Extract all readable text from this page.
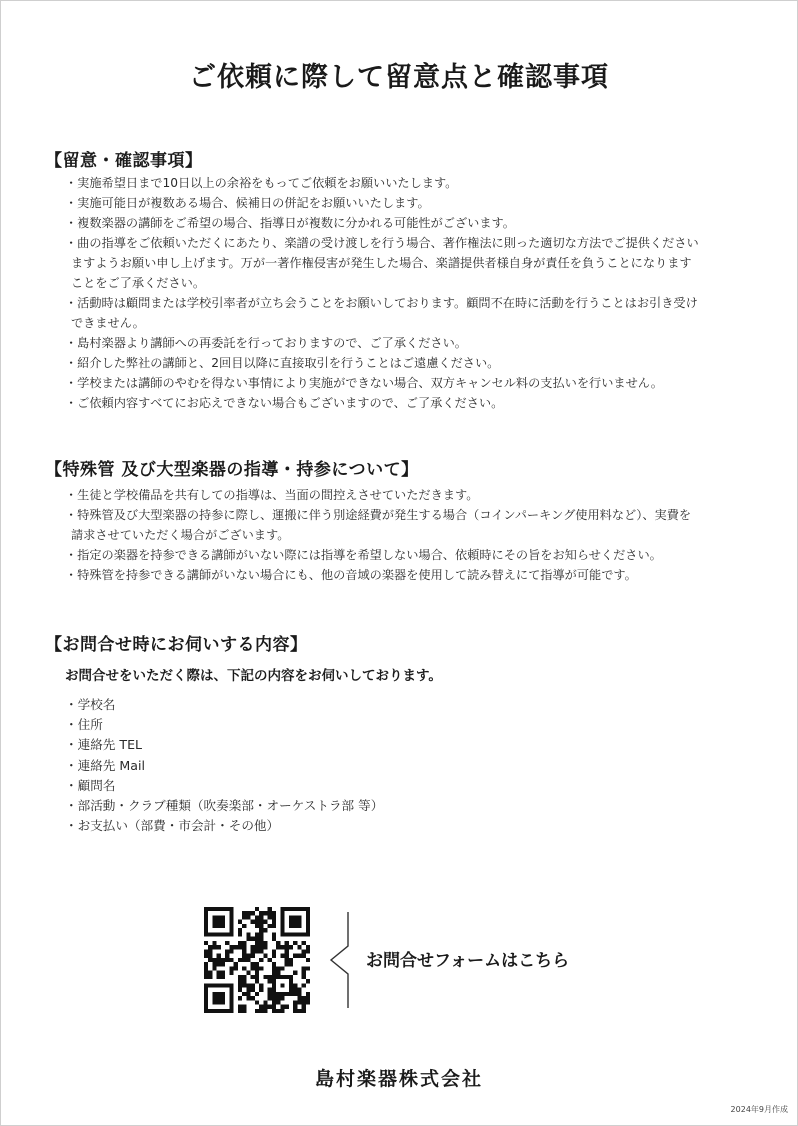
ご依頼に際して留意点と確認事項
【留意・確認事項】
・実施希望日まで10日以上の余裕をもってご依頼をお願いいたします。
・実施可能日が複数ある場合、候補日の併記をお願いいたします。
・複数楽器の講師をご希望の場合、指導日が複数に分かれる可能性がございます。
・曲の指導をご依頼いただくにあたり、楽譜の受け渡しを行う場合、著作権法に則った適切な方法でご提供ください
ますようお願い申し上げます。万が一著作権侵害が発生した場合、楽譜提供者様自身が責任を負うことになります
ことをご了承ください。
・活動時は顧問または学校引率者が立ち会うことをお願いしております。顧問不在時に活動を行うことはお引き受け
できません。
・島村楽器より講師への再委託を行っておりますので、ご了承ください。
・紹介した弊社の講師と、2回目以降に直接取引を行うことはご遠慮ください。
・学校または講師のやむを得ない事情により実施ができない場合、双方キャンセル料の支払いを行いません。
・ご依頼内容すべてにお応えできない場合もございますので、ご了承ください。
【特殊管 及び大型楽器の指導・持参について】
・生徒と学校備品を共有しての指導は、当面の間控えさせていただきます。
・特殊管及び大型楽器の持参に際し、運搬に伴う別途経費が発生する場合（コインパーキング使用料など）、実費を
請求させていただく場合がございます。
・指定の楽器を持参できる講師がいない際には指導を希望しない場合、依頼時にその旨をお知らせください。
・特殊管を持参できる講師がいない場合にも、他の音域の楽器を使用して読み替えにて指導が可能です。
【お問合せ時にお伺いする内容】
お問合せをいただく際は、下記の内容をお伺いしております。
・学校名
・住所
・連絡先 TEL
・連絡先 Mail
・顧問名
・部活動・クラブ種類（吹奏楽部・オーケストラ部 等）
・お支払い（部費・市会計・その他）
お問合せフォームはこちら
島村楽器株式会社
2024年9月作成
